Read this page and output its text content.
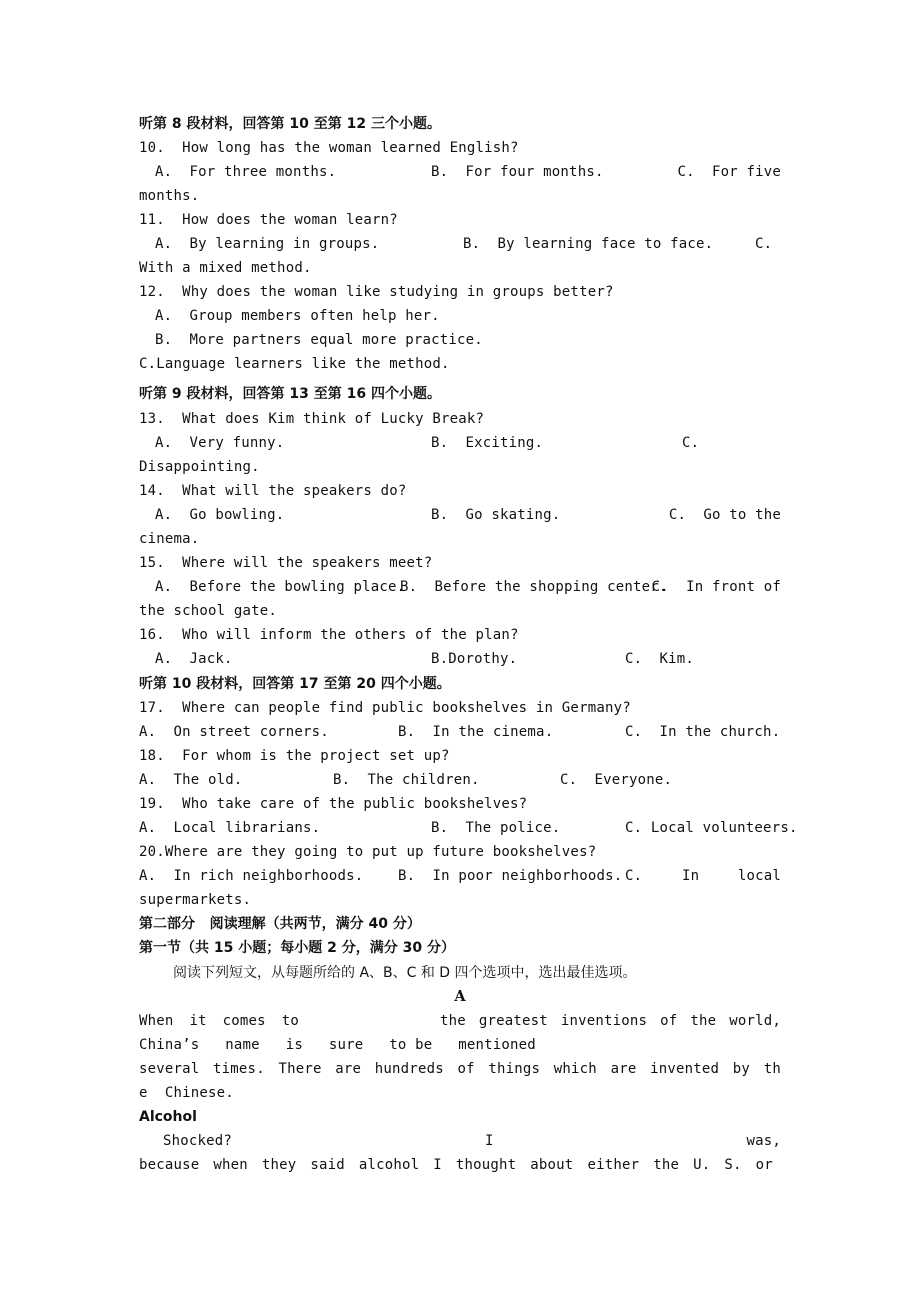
听第 8 段材料，回答第 10 至第 12 三个小题。
10.  How long has the woman learned English?
A.  For three months.	B.  For four months.	C.  For five
months.
11.  How does the woman learn?
A.  By learning in groups.	B.  By learning face to face.	C.
With a mixed method.
12.  Why does the woman like studying in groups better?
A.  Group members often help her.
B.  More partners equal more practice.
C.Language learners like the method.
听第 9 段材料，回答第 13 至第 16 四个小题。
13.  What does Kim think of Lucky Break?
A.  Very funny.	B.  Exciting.	C.
Disappointing.
14.  What will the speakers do?
A.  Go bowling.	B.  Go skating.	C.  Go to the
cinema.
15.  Where will the speakers meet?
A.  Before the bowling place.
B.  Before the shopping center.
C.  In front of
the school gate.
16.  Who will inform the others of the plan?
A.  Jack.	B.Dorothy.	C.  Kim.
听第 10 段材料，回答第 17 至第 20 四个小题。
17.  Where can people find public bookshelves in Germany?
A.  On street corners.	B.  In the cinema.	C.  In the church.
18.  For whom is the project set up?
A.  The old.	B.  The children.	C.  Everyone.
19.  Who take care of the public bookshelves?
A.  Local librarians.	B.  The police.	C. Local volunteers.
20.Where are they going to put up future bookshelves?
A.  In rich neighborhoods. B.  In poor neighborhoods. C.	In	local
supermarkets.
第二部分   阅读理解（共两节，满分 40 分）
第一节（共 15 小题；每小题 2 分，满分 30 分）
阅读下列短文，从每题所给的 A、B、C 和 D 四个选项中，选出最佳选项。
A
When it comes to	the greatest inventions of the world,
China’s   name   is   sure   to be   mentioned
several times. There are hundreds of things which are invented by th
e  Chinese.
Alcohol
Shocked?	I	was,
because when they said alcohol I thought about either the U. S. or
